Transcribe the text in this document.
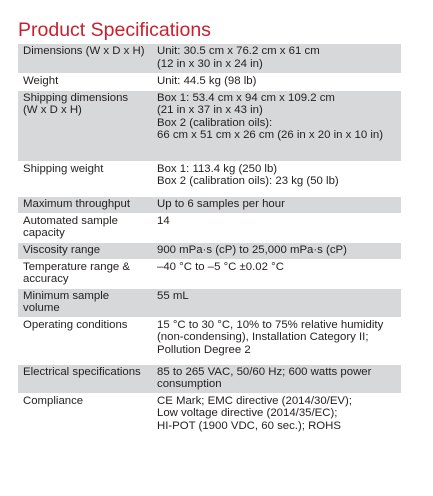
Product Specifications
Dimensions (W x D x H)	Unit: 30.5 cm x 76.2 cm x 61 cm
(12 in x 30 in x 24 in)

Weight	Unit: 44.5 kg (98 lb)

Shipping dimensions
(W x D x H)	Box 1: 53.4 cm x 94 cm x 109.2 cm
(21 in x 37 in x 43 in)
Box 2 (calibration oils):
66 cm x 51 cm x 26 cm (26 in x 20 in x 10 in)

Shipping weight	Box 1: 113.4 kg (250 lb)
Box 2 (calibration oils): 23 kg (50 lb)

Maximum throughput	Up to 6 samples per hour

Automated sample
capacity	14

Viscosity range	900 mPa·s (cP) to 25,000 mPa·s (cP)

Temperature range &
accuracy	–40 °C to –5 °C ±0.02 °C

Minimum sample
volume	55 mL

Operating conditions	15 °C to 30 °C, 10% to 75% relative humidity
(non-condensing), Installation Category II;
Pollution Degree 2

Electrical specifications	85 to 265 VAC, 50/60 Hz; 600 watts power
consumption

Compliance	CE Mark; EMC directive (2014/30/EV);
Low voltage directive (2014/35/EC);
HI-POT (1900 VDC, 60 sec.); ROHS
